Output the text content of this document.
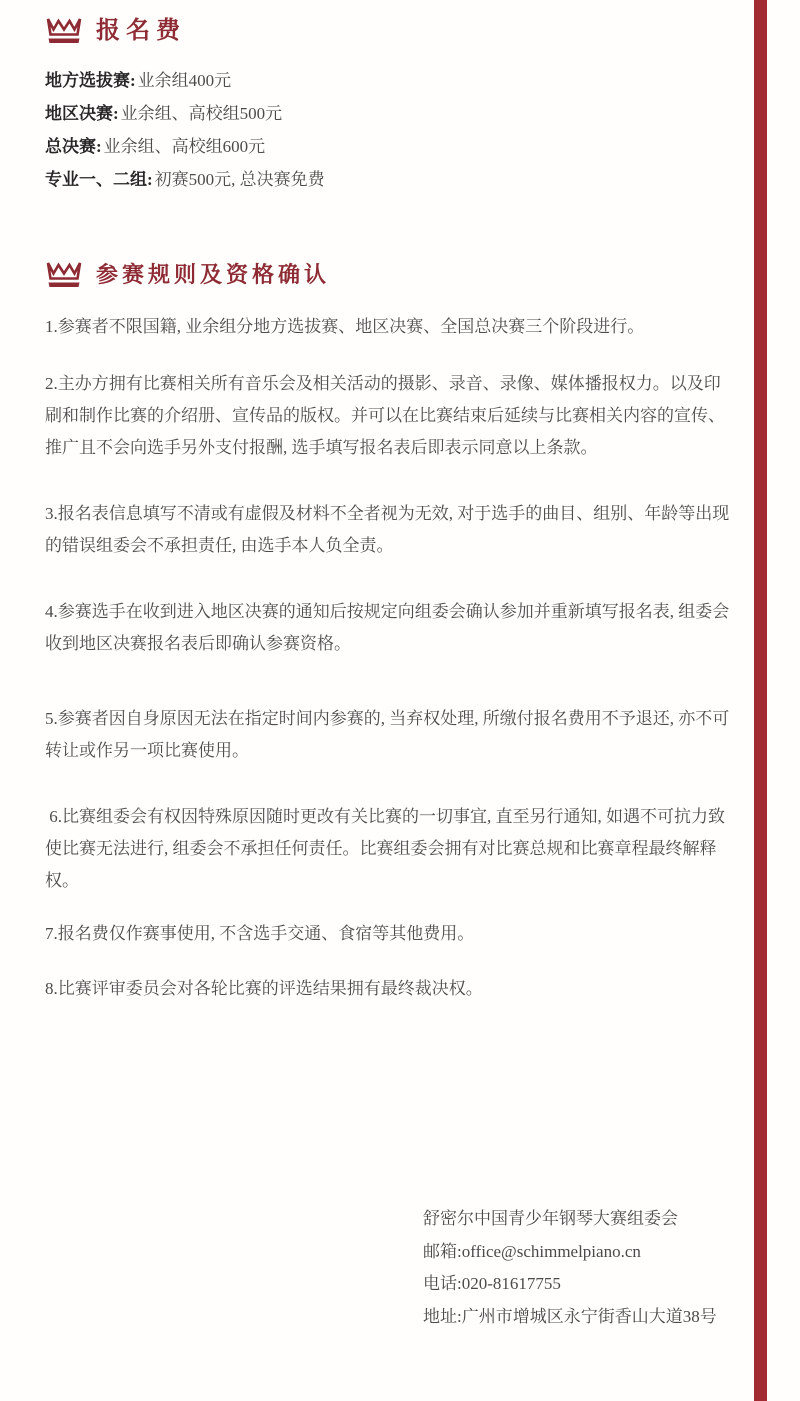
报名费
地方选拔赛: 业余组400元
地区决赛: 业余组、高校组500元
总决赛: 业余组、高校组600元
专业一、二组: 初赛500元, 总决赛免费
参赛规则及资格确认

1.参赛者不限国籍, 业余组分地方选拔赛、地区决赛、全国总决赛三个阶段进行。

2.主办方拥有比赛相关所有音乐会及相关活动的摄影、录音、录像、媒体播报权力。以及印刷和制作比赛的介绍册、宣传品的版权。并可以在比赛结束后延续与比赛相关内容的宣传、推广且不会向选手另外支付报酬, 选手填写报名表后即表示同意以上条款。

3.报名表信息填写不清或有虚假及材料不全者视为无效, 对于选手的曲目、组别、年龄等出现的错误组委会不承担责任, 由选手本人负全责。

4.参赛选手在收到进入地区决赛的通知后按规定向组委会确认参加并重新填写报名表, 组委会收到地区决赛报名表后即确认参赛资格。

5.参赛者因自身原因无法在指定时间内参赛的, 当弃权处理, 所缴付报名费用不予退还, 亦不可转让或作另一项比赛使用。

6.比赛组委会有权因特殊原因随时更改有关比赛的一切事宜, 直至另行通知, 如遇不可抗力致使比赛无法进行, 组委会不承担任何责任。比赛组委会拥有对比赛总规和比赛章程最终解释权。

7.报名费仅作赛事使用, 不含选手交通、食宿等其他费用。

8.比赛评审委员会对各轮比赛的评选结果拥有最终裁决权。

舒密尔中国青少年钢琴大赛组委会

邮箱:office@schimmelpiano.cn

电话:020-81617755

地址:广州市增城区永宁街香山大道38号
